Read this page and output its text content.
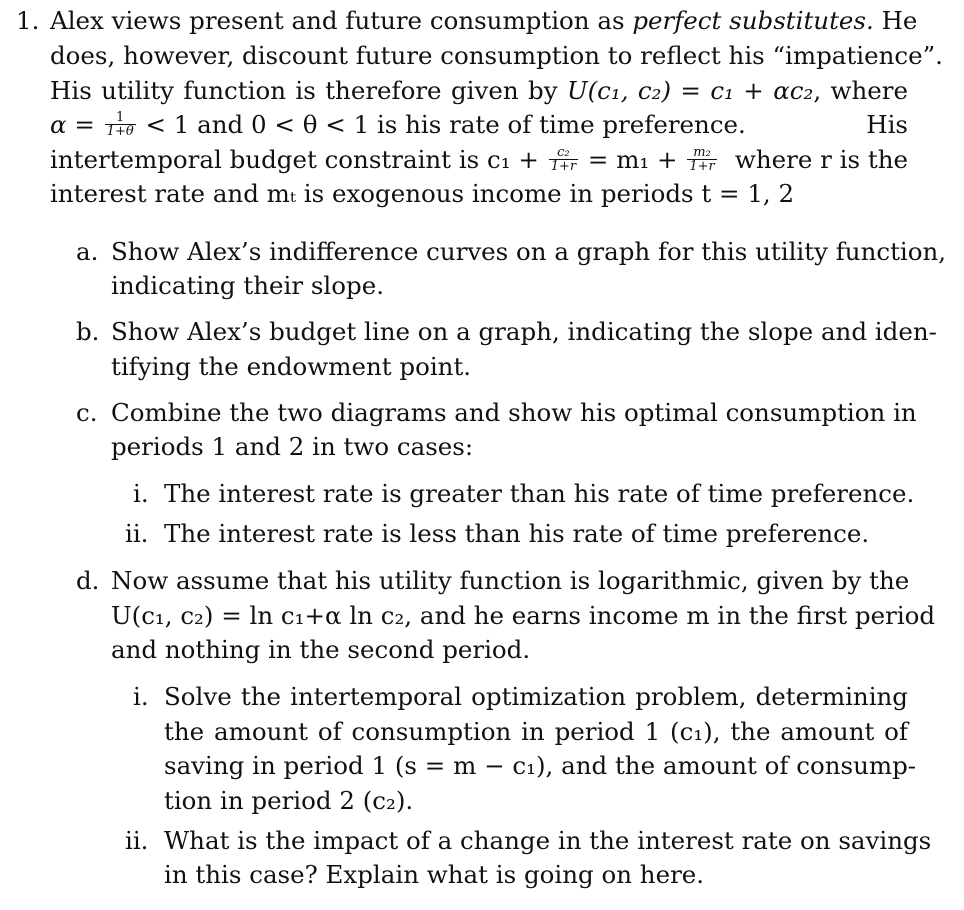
1. Alex views present and future consumption as perfect substitutes. He
does, however, discount future consumption to reflect his “impatience”.
His utility function is therefore given by U(c₁, c₂) = c₁ + αc₂, where
$\alpha = \frac{1}{1+\theta} < 1$ and 0 < θ < 1 is his rate of time preference.	His
intertemporal budget constraint is $c_1 + \frac{\text{c₂}}{1+r} = m_1 + \frac{\text{m₂}}{1+r}$ where r is the
interest rate and mₜ is exogenous income in periods t = 1, 2
a. Show Alex’s indifference curves on a graph for this utility function,
indicating their slope.
b. Show Alex’s budget line on a graph, indicating the slope and iden-
tifying the endowment point.
c. Combine the two diagrams and show his optimal consumption in
periods 1 and 2 in two cases:
i. The interest rate is greater than his rate of time preference.
ii. The interest rate is less than his rate of time preference.
d. Now assume that his utility function is logarithmic, given by the
U(c₁, c₂) = ln c₁+α ln c₂, and he earns income m in the first period
and nothing in the second period.
i. Solve the intertemporal optimization problem, determining
the amount of consumption in period 1 (c₁), the amount of
saving in period 1 (s = m − c₁), and the amount of consump-
tion in period 2 (c₂).
ii. What is the impact of a change in the interest rate on savings
in this case? Explain what is going on here.
